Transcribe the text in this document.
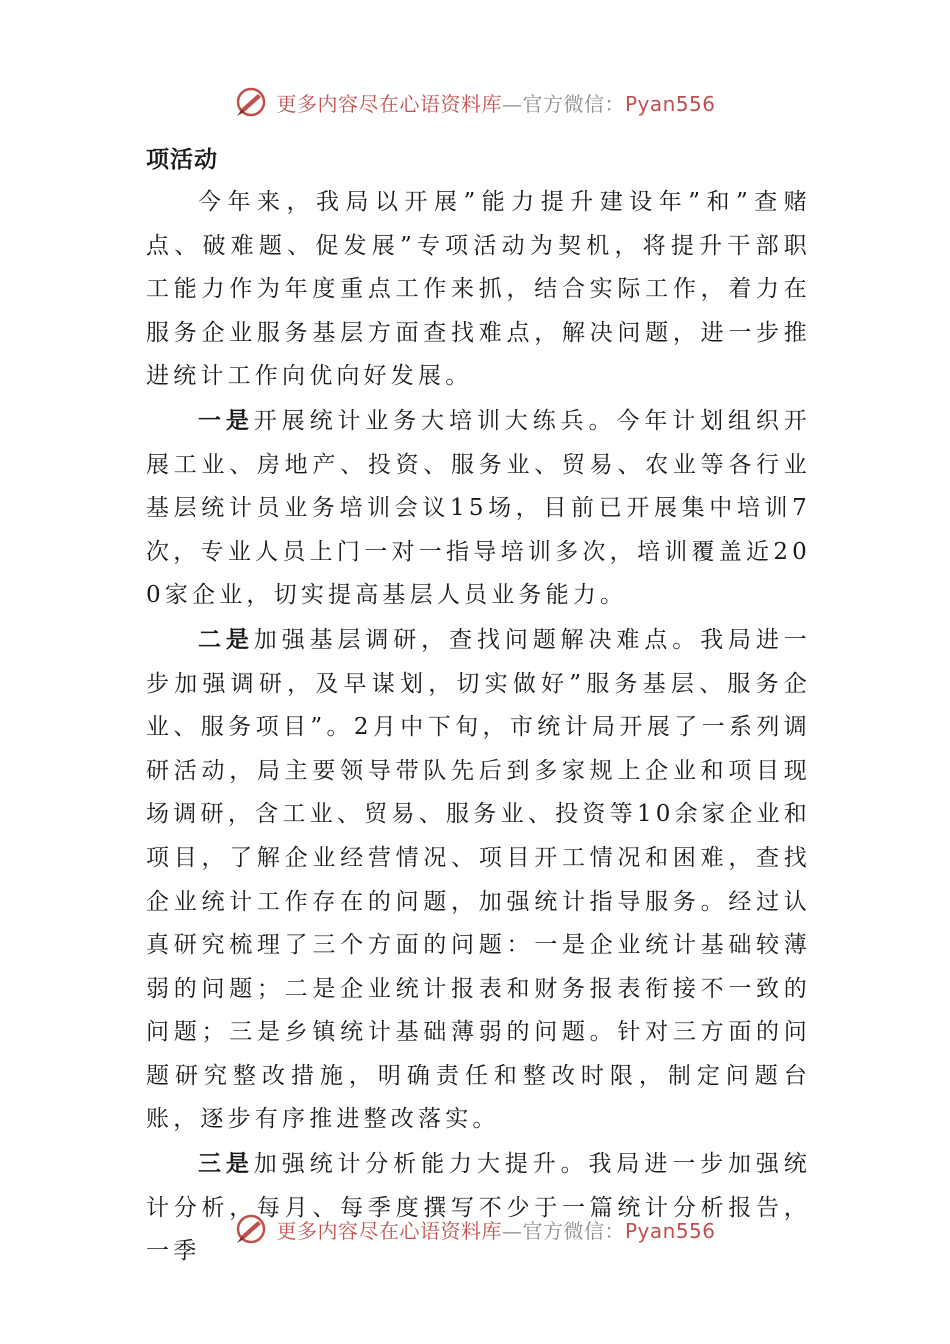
更多内容尽在心语资料库—官方微信：Pyan556

项活动

今年来，我局以开展”能力提升建设年”和”查赌点、破难题、促发展”专项活动为契机，将提升干部职工能力作为年度重点工作来抓，结合实际工作，着力在服务企业服务基层方面查找难点，解决问题，进一步推进统计工作向优向好发展。

一是开展统计业务大培训大练兵。今年计划组织开展工业、房地产、投资、服务业、贸易、农业等各行业基层统计员业务培训会议15场，目前已开展集中培训7次，专业人员上门一对一指导培训多次，培训覆盖近200家企业，切实提高基层人员业务能力。

二是加强基层调研，查找问题解决难点。我局进一步加强调研，及早谋划，切实做好”服务基层、服务企业、服务项目”。2月中下旬，市统计局开展了一系列调研活动，局主要领导带队先后到多家规上企业和项目现场调研，含工业、贸易、服务业、投资等10余家企业和项目，了解企业经营情况、项目开工情况和困难，查找企业统计工作存在的问题，加强统计指导服务。经过认真研究梳理了三个方面的问题：一是企业统计基础较薄弱的问题；二是企业统计报表和财务报表衔接不一致的问题；三是乡镇统计基础薄弱的问题。针对三方面的问题研究整改措施，明确责任和整改时限，制定问题台账，逐步有序推进整改落实。

三是加强统计分析能力大提升。我局进一步加强统计分析，每月、每季度撰写不少于一篇统计分析报告，一季

更多内容尽在心语资料库—官方微信：Pyan556
